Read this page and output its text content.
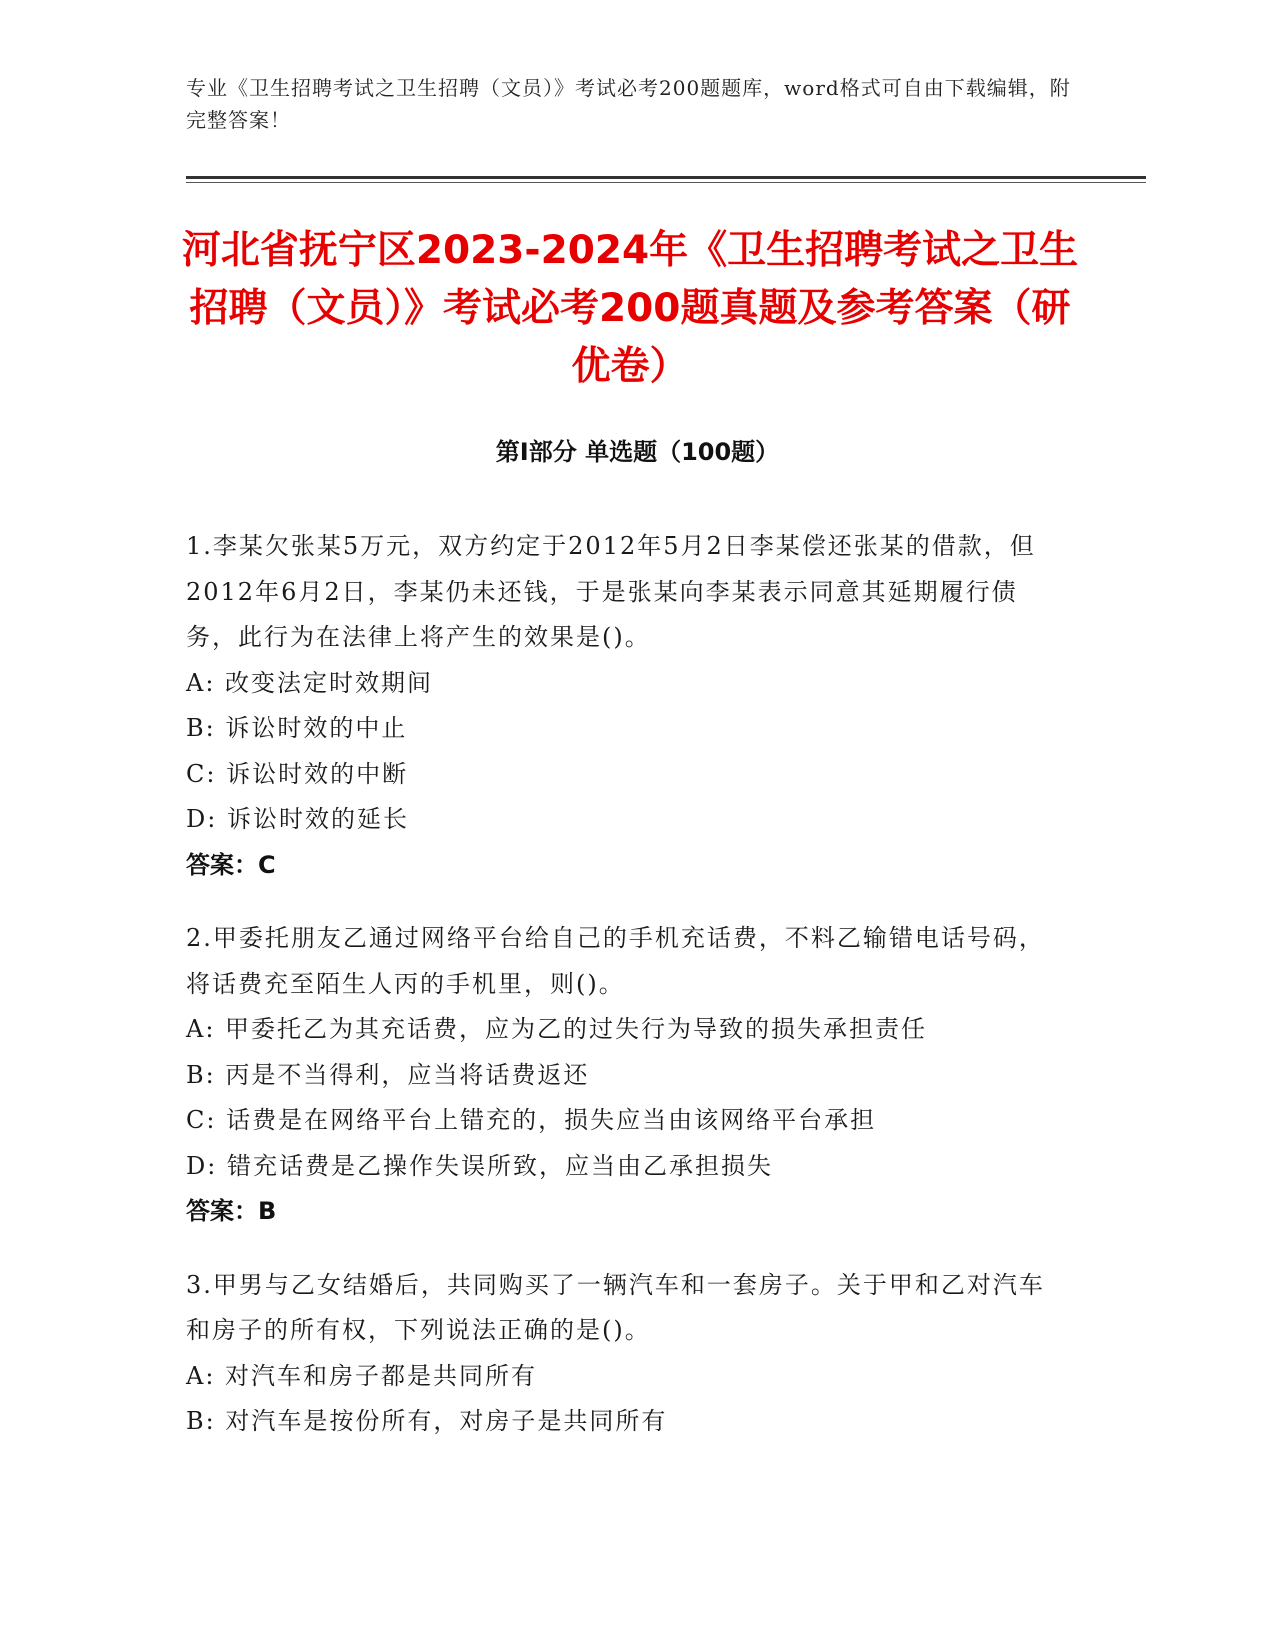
专业《卫生招聘考试之卫生招聘（文员）》考试必考200题题库，word格式可自由下载编辑，附完整答案！
河北省抚宁区2023-2024年《卫生招聘考试之卫生招聘（文员）》考试必考200题真题及参考答案（研优卷）
第Ⅰ部分 单选题（100题）
1.李某欠张某5万元，双方约定于2012年5月2日李某偿还张某的借款，但2012年6月2日，李某仍未还钱，于是张某向李某表示同意其延期履行债务，此行为在法律上将产生的效果是()。
A: 改变法定时效期间
B: 诉讼时效的中止
C: 诉讼时效的中断
D: 诉讼时效的延长
答案：C
2.甲委托朋友乙通过网络平台给自己的手机充话费，不料乙输错电话号码，将话费充至陌生人丙的手机里，则()。
A: 甲委托乙为其充话费，应为乙的过失行为导致的损失承担责任
B: 丙是不当得利，应当将话费返还
C: 话费是在网络平台上错充的，损失应当由该网络平台承担
D: 错充话费是乙操作失误所致，应当由乙承担损失
答案：B
3.甲男与乙女结婚后，共同购买了一辆汽车和一套房子。关于甲和乙对汽车和房子的所有权，下列说法正确的是()。
A: 对汽车和房子都是共同所有
B: 对汽车是按份所有，对房子是共同所有
